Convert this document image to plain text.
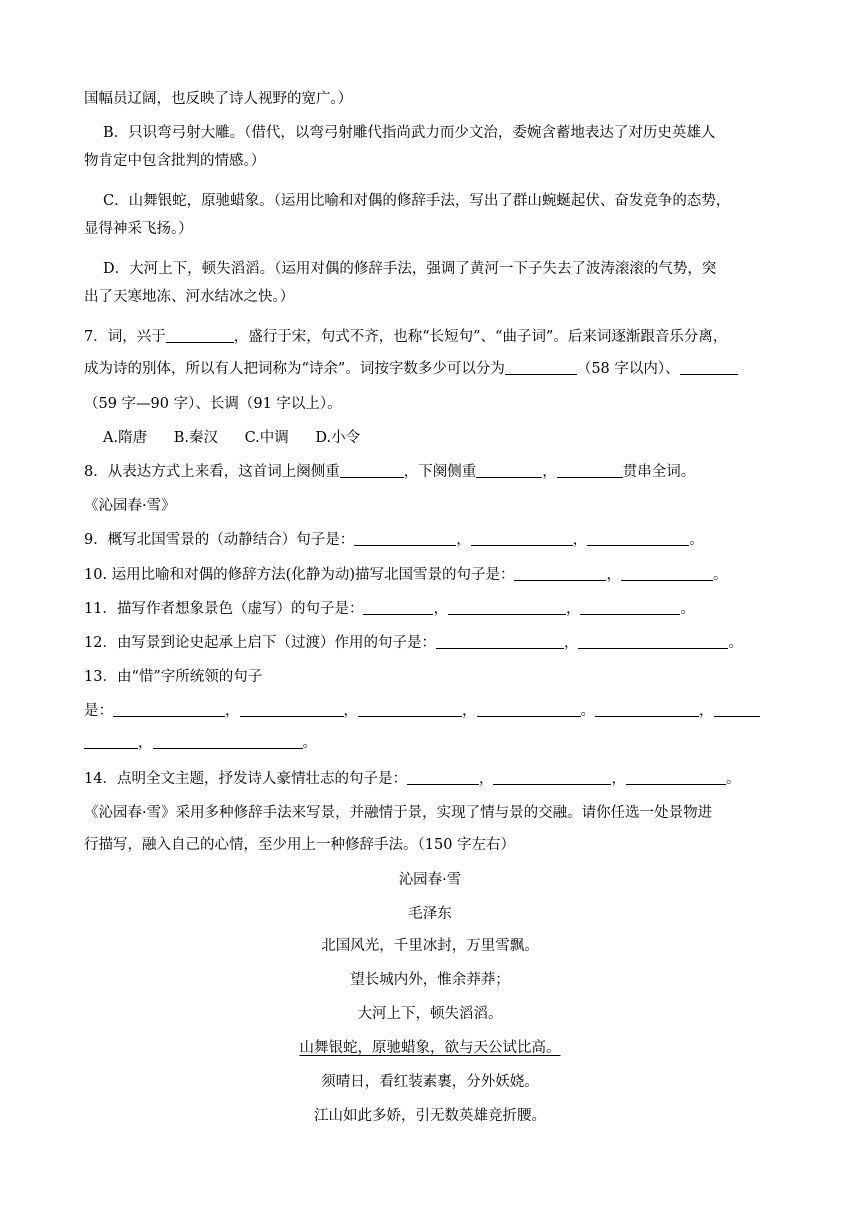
国幅员辽阔，也反映了诗人视野的宽广。）
B．只识弯弓射大雕。（借代，以弯弓射雕代指尚武力而少文治，委婉含蓄地表达了对历史英雄人
物肯定中包含批判的情感。）
C．山舞银蛇，原驰蜡象。（运用比喻和对偶的修辞手法，写出了群山蜿蜒起伏、奋发竞争的态势，
显得神采飞扬。）
D．大河上下，顿失滔滔。（运用对偶的修辞手法，强调了黄河一下子失去了波涛滚滚的气势，突
出了天寒地冻、河水结冰之快。）
7．词，兴于	，盛行于宋，句式不齐，也称“长短句”、“曲子词”。后来词逐渐跟音乐分离，
成为诗的别体，所以有人把词称为“诗余”。词按字数多少可以分为	（58 字以内）、
（59 字—90 字）、长调（91 字以上）。
A.隋唐 B.秦汉 C.中调 D.小令
8．从表达方式上来看，这首词上阕侧重	，下阕侧重	，	贯串全词。
《沁园春·雪》
9．概写北国雪景的（动静结合）句子是：	，	，	。
10. 运用比喻和对偶的修辞方法(化静为动)描写北国雪景的句子是：	，	。
11．描写作者想象景色（虚写）的句子是：	，	，	。
12．由写景到论史起承上启下（过渡）作用的句子是：	，	。
13．由“惜”字所统领的句子
是：	，	，	，	。	，
，	。
14．点明全文主题，抒发诗人豪情壮志的句子是：	，	，	。
《沁园春·雪》采用多种修辞手法来写景，并融情于景，实现了情与景的交融。请你任选一处景物进
行描写，融入自己的心情，至少用上一种修辞手法。（150 字左右）
沁园春·雪
毛泽东
北国风光，千里冰封，万里雪飘。
望长城内外，惟余莽莽；
大河上下，顿失滔滔。
山舞银蛇，原驰蜡象，欲与天公试比高。
须晴日，看红装素裹，分外妖娆。
江山如此多娇，引无数英雄竞折腰。
